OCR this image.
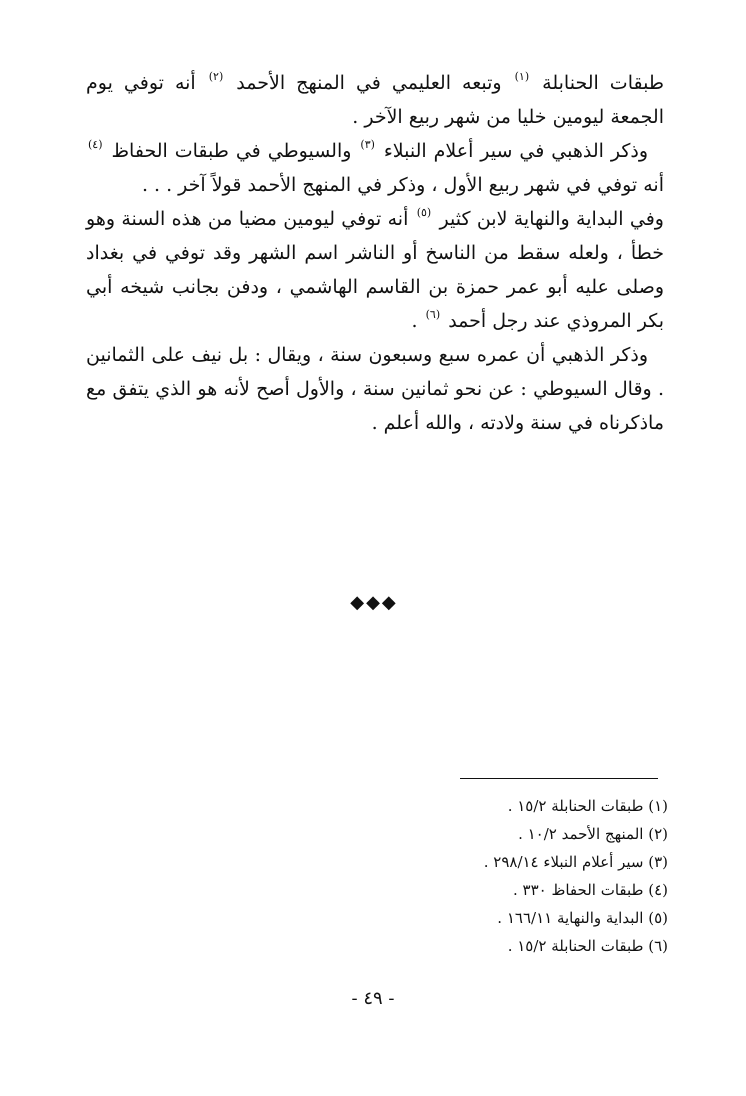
طبقات الحنابلة $^{(١)}$ وتبعه العليمي في المنهج الأحمد $^{(٢)}$ أنه توفي يوم الجمعة ليومين خليا من شهر ربيع الآخر .

وذكر الذهبي في سير أعلام النبلاء $^{(٣)}$ والسيوطي في طبقات الحفاظ $^{(٤)}$ أنه توفي في شهر ربيع الأول ، وذكر في المنهج الأحمد قولاً آخر . . .

وفي البداية والنهاية لابن كثير $^{(٥)}$ أنه توفي ليومين مضيا من هذه السنة وهو خطأ ، ولعله سقط من الناسخ أو الناشر اسم الشهر وقد توفي في بغداد وصلى عليه أبو عمر حمزة بن القاسم الهاشمي ، ودفن بجانب شيخه أبي بكر المروذي عند رجل أحمد $^{(٦)}$ .

وذكر الذهبي أن عمره سبع وسبعون سنة ، ويقال : بل نيف على الثمانين . وقال السيوطي : عن نحو ثمانين سنة ، والأول أصح لأنه هو الذي يتفق مع ماذكرناه في سنة ولادته ، والله أعلم .

◆ ◆ ◆
(١) طبقات الحنابلة ١٥/٢ .
(٢) المنهج الأحمد ١٠/٢ .
(٣) سير أعلام النبلاء ٢٩٨/١٤ .
(٤) طبقات الحفاظ ٣٣٠ .
(٥) البداية والنهاية ١٦٦/١١ .
(٦) طبقات الحنابلة ١٥/٢ .
- ٤٩ -
